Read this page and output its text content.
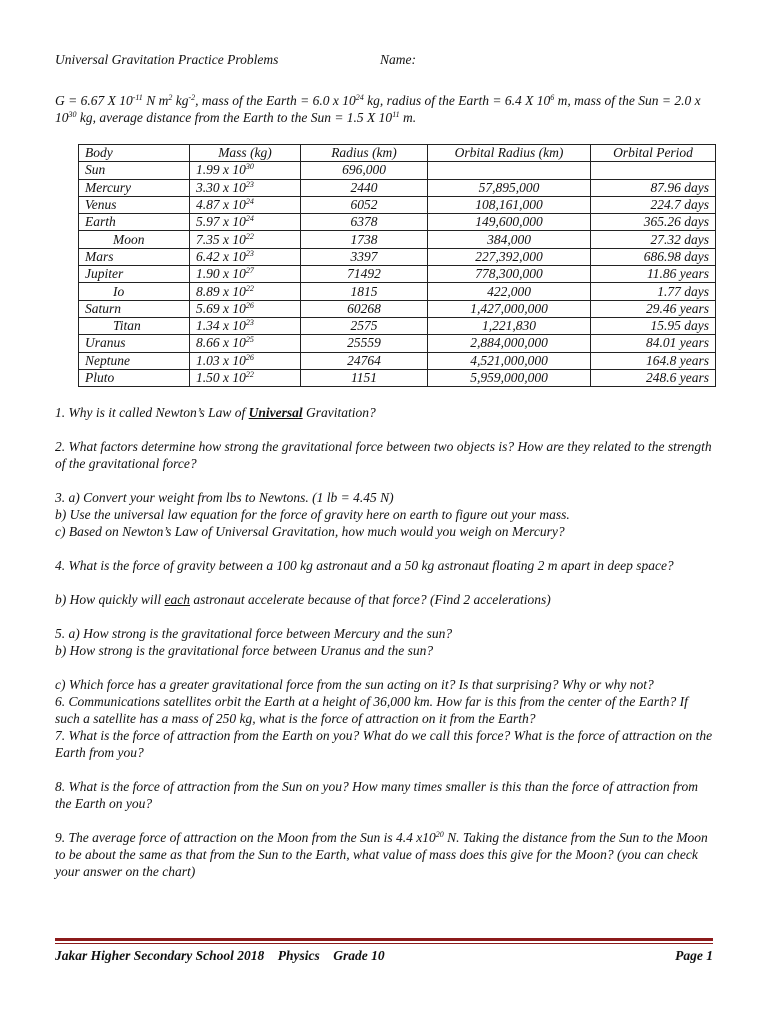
Universal Gravitation Practice Problems	Name:
G = 6.67 X $10^{-11}$ N $m^2$ $kg^{-2}$, mass of the Earth = 6.0 x $10^{24}$ kg, radius of the Earth = 6.4 X $10^6$ m, mass of the Sun = 2.0 x $10^{30}$ kg, average distance from the Earth to the Sun = 1.5 X $10^{11}$ m.
Body	Mass (kg)	Radius (km)	Orbital Radius (km)	Orbital Period
Sun	1.99 x $10^{30}$	696,000		
Mercury	3.30 x $10^{23}$	2440	57,895,000	87.96 days
Venus	4.87 x $10^{24}$	6052	108,161,000	224.7 days
Earth	5.97 x $10^{24}$	6378	149,600,000	365.26 days
Moon	7.35 x $10^{22}$	1738	384,000	27.32 days
Mars	6.42 x $10^{23}$	3397	227,392,000	686.98 days
Jupiter	1.90 x $10^{27}$	71492	778,300,000	11.86 years
Io	8.89 x $10^{22}$	1815	422,000	1.77 days
Saturn	5.69 x $10^{26}$	60268	1,427,000,000	29.46 years
Titan	1.34 x $10^{23}$	2575	1,221,830	15.95 days
Uranus	8.66 x $10^{25}$	25559	2,884,000,000	84.01 years
Neptune	1.03 x $10^{26}$	24764	4,521,000,000	164.8 years
Pluto	1.50 x $10^{22}$	1151	5,959,000,000	248.6 years

1. Why is it called Newton’s Law of Universal Gravitation?

2. What factors determine how strong the gravitational force between two objects is? How are they related to the strength of the gravitational force?

3. a) Convert your weight from lbs to Newtons. (1 lb = 4.45 N)

b) Use the universal law equation for the force of gravity here on earth to figure out your mass.

c) Based on Newton’s Law of Universal Gravitation, how much would you weigh on Mercury?

4. What is the force of gravity between a 100 kg astronaut and a 50 kg astronaut floating 2 m apart in deep space?

b) How quickly will each astronaut accelerate because of that force? (Find 2 accelerations)

5. a) How strong is the gravitational force between Mercury and the sun?

b) How strong is the gravitational force between Uranus and the sun?

c) Which force has a greater gravitational force from the sun acting on it? Is that surprising? Why or why not?

6. Communications satellites orbit the Earth at a height of 36,000 km. How far is this from the center of the Earth? If such a satellite has a mass of 250 kg, what is the force of attraction on it from the Earth?

7. What is the force of attraction from the Earth on you? What do we call this force? What is the force of attraction on the Earth from you?

8. What is the force of attraction from the Sun on you? How many times smaller is this than the force of attraction from the Earth on you?

9. The average force of attraction on the Moon from the Sun is 4.4 $x10^{20}$ N. Taking the distance from the Sun to the Moon to be about the same as that from the Sun to the Earth, what value of mass does this give for the Moon? (you can check your answer on the chart)

Jakar Higher Secondary School 2018    Physics    Grade 10	Page 1
